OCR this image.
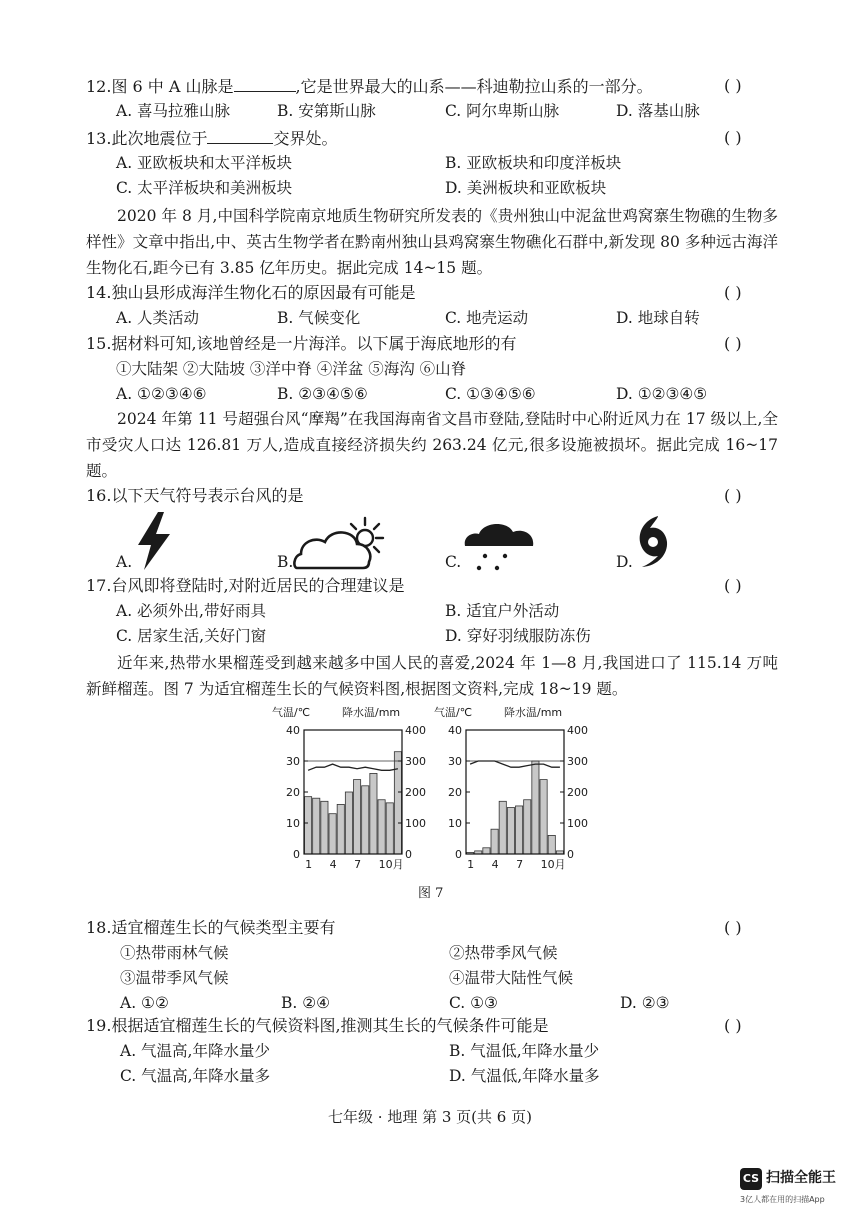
12.图 6 中 A 山脉是	,它是世界最大的山系——科迪勒拉山系的一部分。	( )
A. 喜马拉雅山脉	B. 安第斯山脉	C. 阿尔卑斯山脉	D. 落基山脉
13.此次地震位于	交界处。	( )
A. 亚欧板块和太平洋板块	B. 亚欧板块和印度洋板块
C. 太平洋板块和美洲板块	D. 美洲板块和亚欧板块
2020 年 8 月,中国科学院南京地质生物研究所发表的《贵州独山中泥盆世鸡窝寨生物礁的生物多样性》文章中指出,中、英古生物学者在黔南州独山县鸡窝寨生物礁化石群中,新发现 80 多种远古海洋生物化石,距今已有 3.85 亿年历史。据此完成 14~15 题。
14.独山县形成海洋生物化石的原因最有可能是	( )
A. 人类活动	B. 气候变化	C. 地壳运动	D. 地球自转
15.据材料可知,该地曾经是一片海洋。以下属于海底地形的有	( )
①大陆架 ②大陆坡 ③洋中脊 ④洋盆 ⑤海沟 ⑥山脊
A. ①②③④⑥	B. ②③④⑤⑥	C. ①③④⑤⑥	D. ①②③④⑤
2024 年第 11 号超强台风“摩羯”在我国海南省文昌市登陆,登陆时中心附近风力在 17 级以上,全市受灾人口达 126.81 万人,造成直接经济损失约 263.24 亿元,很多设施被损坏。据此完成 16~17 题。
16.以下天气符号表示台风的是	( )
A.	B.	C.	D.
17.台风即将登陆时,对附近居民的合理建议是	( )
A. 必须外出,带好雨具	B. 适宜户外活动
C. 居家生活,关好门窗	D. 穿好羽绒服防冻伤
近年来,热带水果榴莲受到越来越多中国人民的喜爱,2024 年 1—8 月,我国进口了 115.14 万吨新鲜榴莲。图 7 为适宜榴莲生长的气候资料图,根据图文资料,完成 18~19 题。
气温/℃	降水温/mm
40
30
20
10
0
400
300
200
100
0
1 4 7 10月
气温/℃	降水温/mm
40
30
20
10
0
400
300
200
100
0
1 4 7 10月
图 7
18.适宜榴莲生长的气候类型主要有	( )
①热带雨林气候	②热带季风气候
③温带季风气候	④温带大陆性气候
A. ①②	B. ②④	C. ①③	D. ②③
19.根据适宜榴莲生长的气候资料图,推测其生长的气候条件可能是	( )
A. 气温高,年降水量少	B. 气温低,年降水量少
C. 气温高,年降水量多	D. 气温低,年降水量多
七年级 · 地理 第 3 页(共 6 页)
CS 扫描全能王
3亿人都在用的扫描App
